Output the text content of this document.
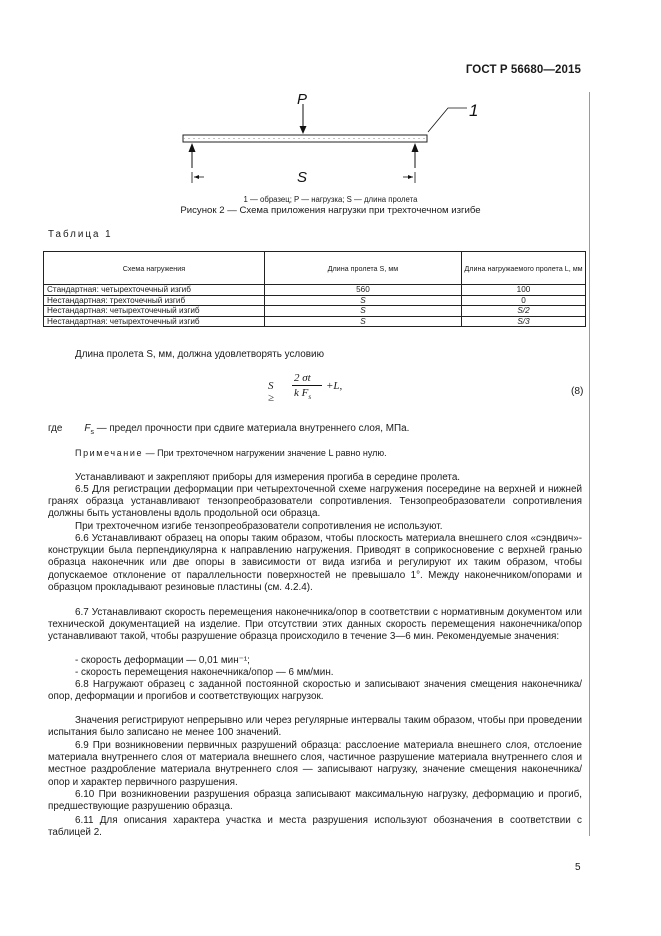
ГОСТ Р 56680—2015
P
S
1
1 — образец; P — нагрузка; S — длина пролета
Рисунок 2 — Схема приложения нагрузки при трехточечном изгибе
Таблица 1
Схема нагружения	Длина пролета S, мм	Длина нагружаемого пролета L, мм
Стандартная: четырехточечный изгиб	560	100
Нестандартная: трехточечный изгиб	S	0
Нестандартная: четырехточечный изгиб	S	S/2
Нестандартная: четырехточечный изгиб	S	S/3
Длина пролета S, мм, должна удовлетворять условию
S ≥
2 σt
k $F_s$
+L,	(8)
где $F_s$ — предел прочности при сдвиге материала внутреннего слоя, МПа.
Примечание — При трехточечном нагружении значение L равно нулю.
Устанавливают и закрепляют приборы для измерения прогиба в середине пролета.
6.5 Для регистрации деформации при четырехточечной схеме нагружения посередине на верхней и нижней гранях образца устанавливают тензопреобразователи сопротивления. Тензопреобразователи сопротивления должны быть установлены вдоль продольной оси образца.
При трехточечном изгибе тензопреобразователи сопротивления не используют.
6.6 Устанавливают образец на опоры таким образом, чтобы плоскость материала внешнего слоя «сэндвич»-конструкции была перпендикулярна к направлению нагружения. Приводят в соприкосновение с верхней гранью образца наконечник или две опоры в зависимости от вида изгиба и регулируют их таким образом, чтобы допускаемое отклонение от параллельности поверхностей не превышало 1°. Между наконечником/опорами и образцом прокладывают резиновые пластины (см. 4.2.4).
6.7 Устанавливают скорость перемещения наконечника/опор в соответствии с нормативным документом или технической документацией на изделие. При отсутствии этих данных скорость перемещения наконечника/опор устанавливают такой, чтобы разрушение образца происходило в течение 3—6 мин. Рекомендуемые значения:
- скорость деформации — 0,01 мин⁻¹;
- скорость перемещения наконечника/опор — 6 мм/мин.
6.8 Нагружают образец с заданной постоянной скоростью и записывают значения смещения наконечника/опор, деформации и прогибов и соответствующих нагрузок.
Значения регистрируют непрерывно или через регулярные интервалы таким образом, чтобы при проведении испытания было записано не менее 100 значений.
6.9 При возникновении первичных разрушений образца: расслоение материала внешнего слоя, отслоение материала внутреннего слоя от материала внешнего слоя, частичное разрушение материала внутреннего слоя и местное раздробление материала внутреннего слоя — записывают нагрузку, значение смещения наконечника/опор и характер первичного разрушения.
6.10 При возникновении разрушения образца записывают максимальную нагрузку, деформацию и прогиб, предшествующие разрушению образца.
6.11 Для описания характера участка и места разрушения используют обозначения в соответствии с таблицей 2.
5
